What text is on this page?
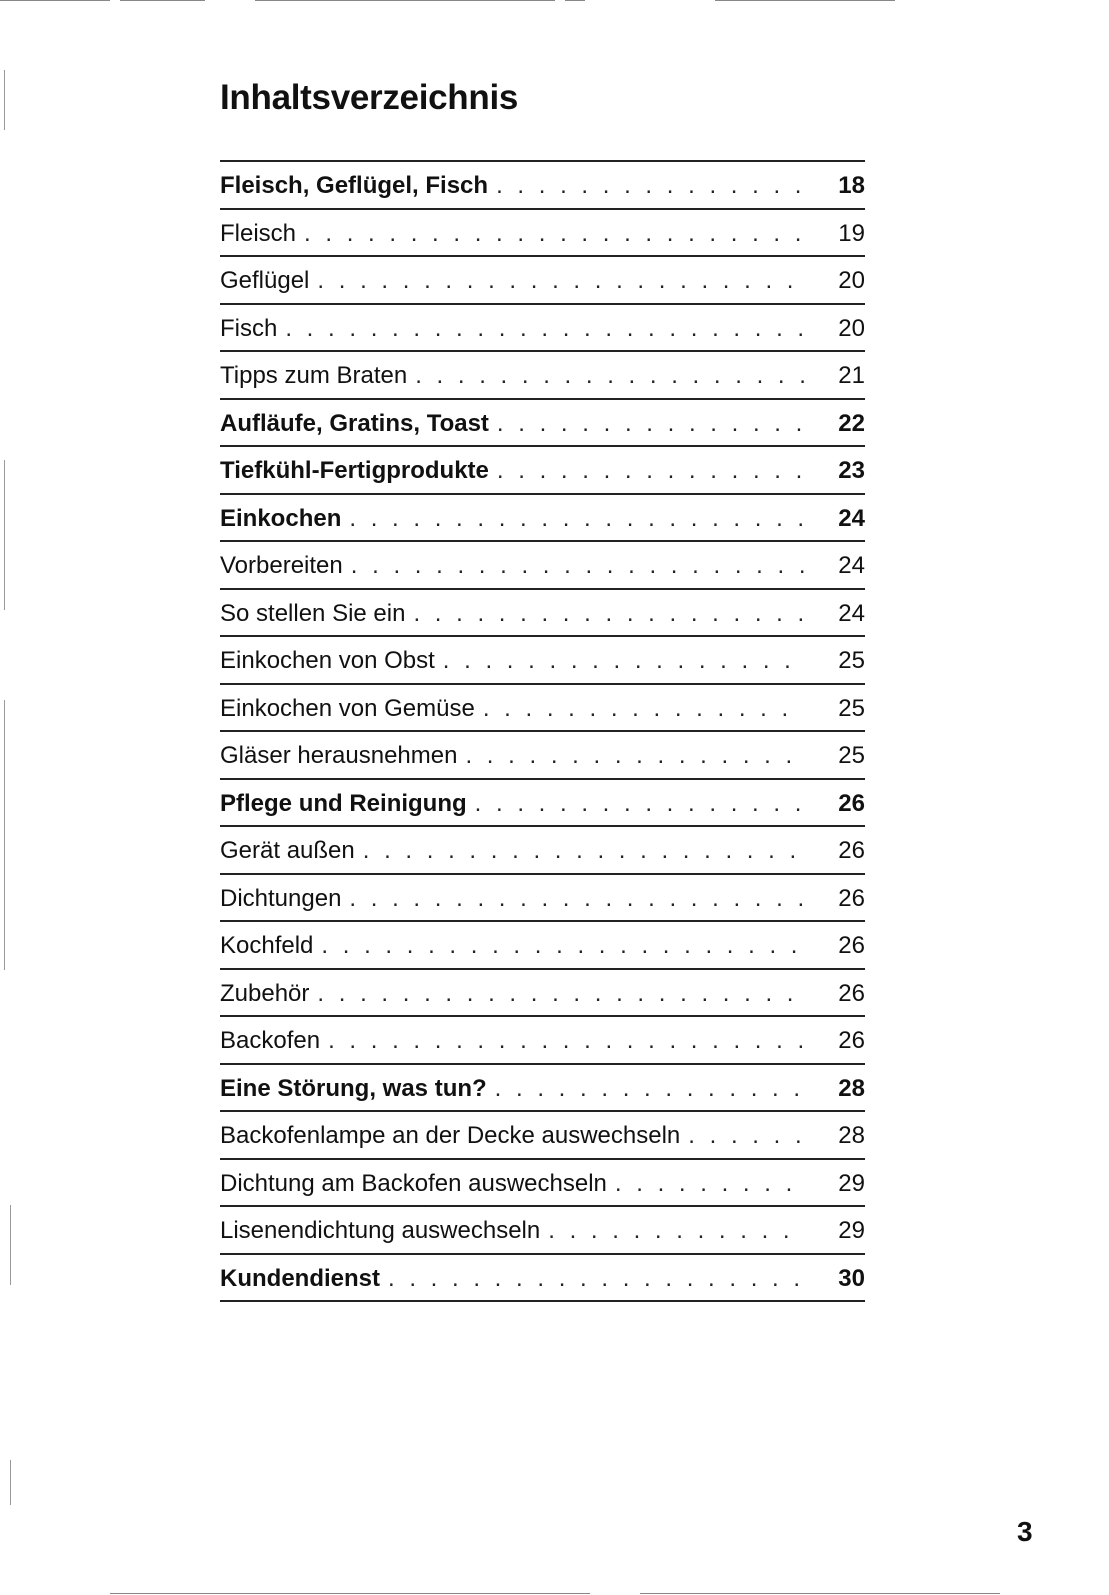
Inhaltsverzeichnis
Fleisch, Geflügel, Fisch . . .	18
Fleisch . . .	19
Geflügel . . .	20
Fisch . . .	20
Tipps zum Braten . . .	21
Aufläufe, Gratins, Toast . . .	22
Tiefkühl-Fertigprodukte . . .	23
Einkochen . . .	24
Vorbereiten . . .	24
So stellen Sie ein . . .	24
Einkochen von Obst . . .	25
Einkochen von Gemüse . . .	25
Gläser herausnehmen . . .	25
Pflege und Reinigung . . .	26
Gerät außen . . .	26
Dichtungen . . .	26
Kochfeld . . .	26
Zubehör . . .	26
Backofen . . .	26
Eine Störung, was tun? . . .	28
Backofenlampe an der Decke auswechseln . . .	28
Dichtung am Backofen auswechseln . . .	29
Lisenendichtung auswechseln . . .	29
Kundendienst . . .	30
3
